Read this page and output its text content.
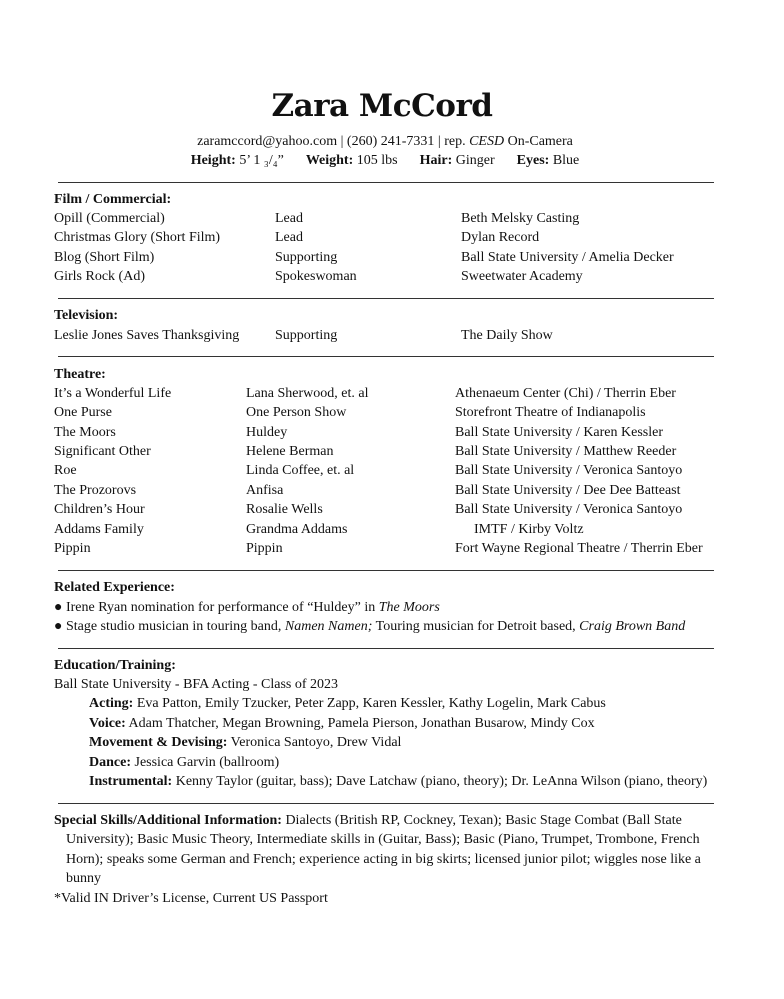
Zara McCord
zaramccord@yahoo.com | (260) 241-7331 | rep. CESD On-Camera
Height: 5’ 1 ₃/₄” Weight: 105 lbs Hair: Ginger Eyes: Blue
Film / Commercial:
Opill (Commercial)	Lead	Beth Melsky Casting
Christmas Glory (Short Film)	Lead	Dylan Record
Blog (Short Film)	Supporting	Ball State University / Amelia Decker
Girls Rock (Ad)	Spokeswoman	Sweetwater Academy
Television:
Leslie Jones Saves Thanksgiving	Supporting	The Daily Show
Theatre:
It’s a Wonderful Life	Lana Sherwood, et. al	Athenaeum Center (Chi) / Therrin Eber
One Purse	One Person Show	Storefront Theatre of Indianapolis
The Moors	Huldey	Ball State University / Karen Kessler
Significant Other	Helene Berman	Ball State University / Matthew Reeder
Roe	Linda Coffee, et. al	Ball State University / Veronica Santoyo
The Prozorovs	Anfisa	Ball State University / Dee Dee Batteast
Children’s Hour	Rosalie Wells	Ball State University / Veronica Santoyo
Addams Family	Grandma Addams	IMTF / Kirby Voltz
Pippin	Pippin	Fort Wayne Regional Theatre / Therrin Eber
Related Experience:
● Irene Ryan nomination for performance of “Huldey” in The Moors
● Stage studio musician in touring band, Namen Namen; Touring musician for Detroit based, Craig Brown Band
Education/Training:
Ball State University - BFA Acting - Class of 2023
Acting: Eva Patton, Emily Tzucker, Peter Zapp, Karen Kessler, Kathy Logelin, Mark Cabus
Voice: Adam Thatcher, Megan Browning, Pamela Pierson, Jonathan Busarow, Mindy Cox
Movement & Devising: Veronica Santoyo, Drew Vidal
Dance: Jessica Garvin (ballroom)
Instrumental: Kenny Taylor (guitar, bass); Dave Latchaw (piano, theory); Dr. LeAnna Wilson (piano, theory)
Special Skills/Additional Information: Dialects (British RP, Cockney, Texan); Basic Stage Combat (Ball State
University); Basic Music Theory, Intermediate skills in (Guitar, Bass); Basic (Piano, Trumpet, Trombone, French
Horn); speaks some German and French; experience acting in big skirts; licensed junior pilot; wiggles nose like a
bunny
*Valid IN Driver’s License, Current US Passport
